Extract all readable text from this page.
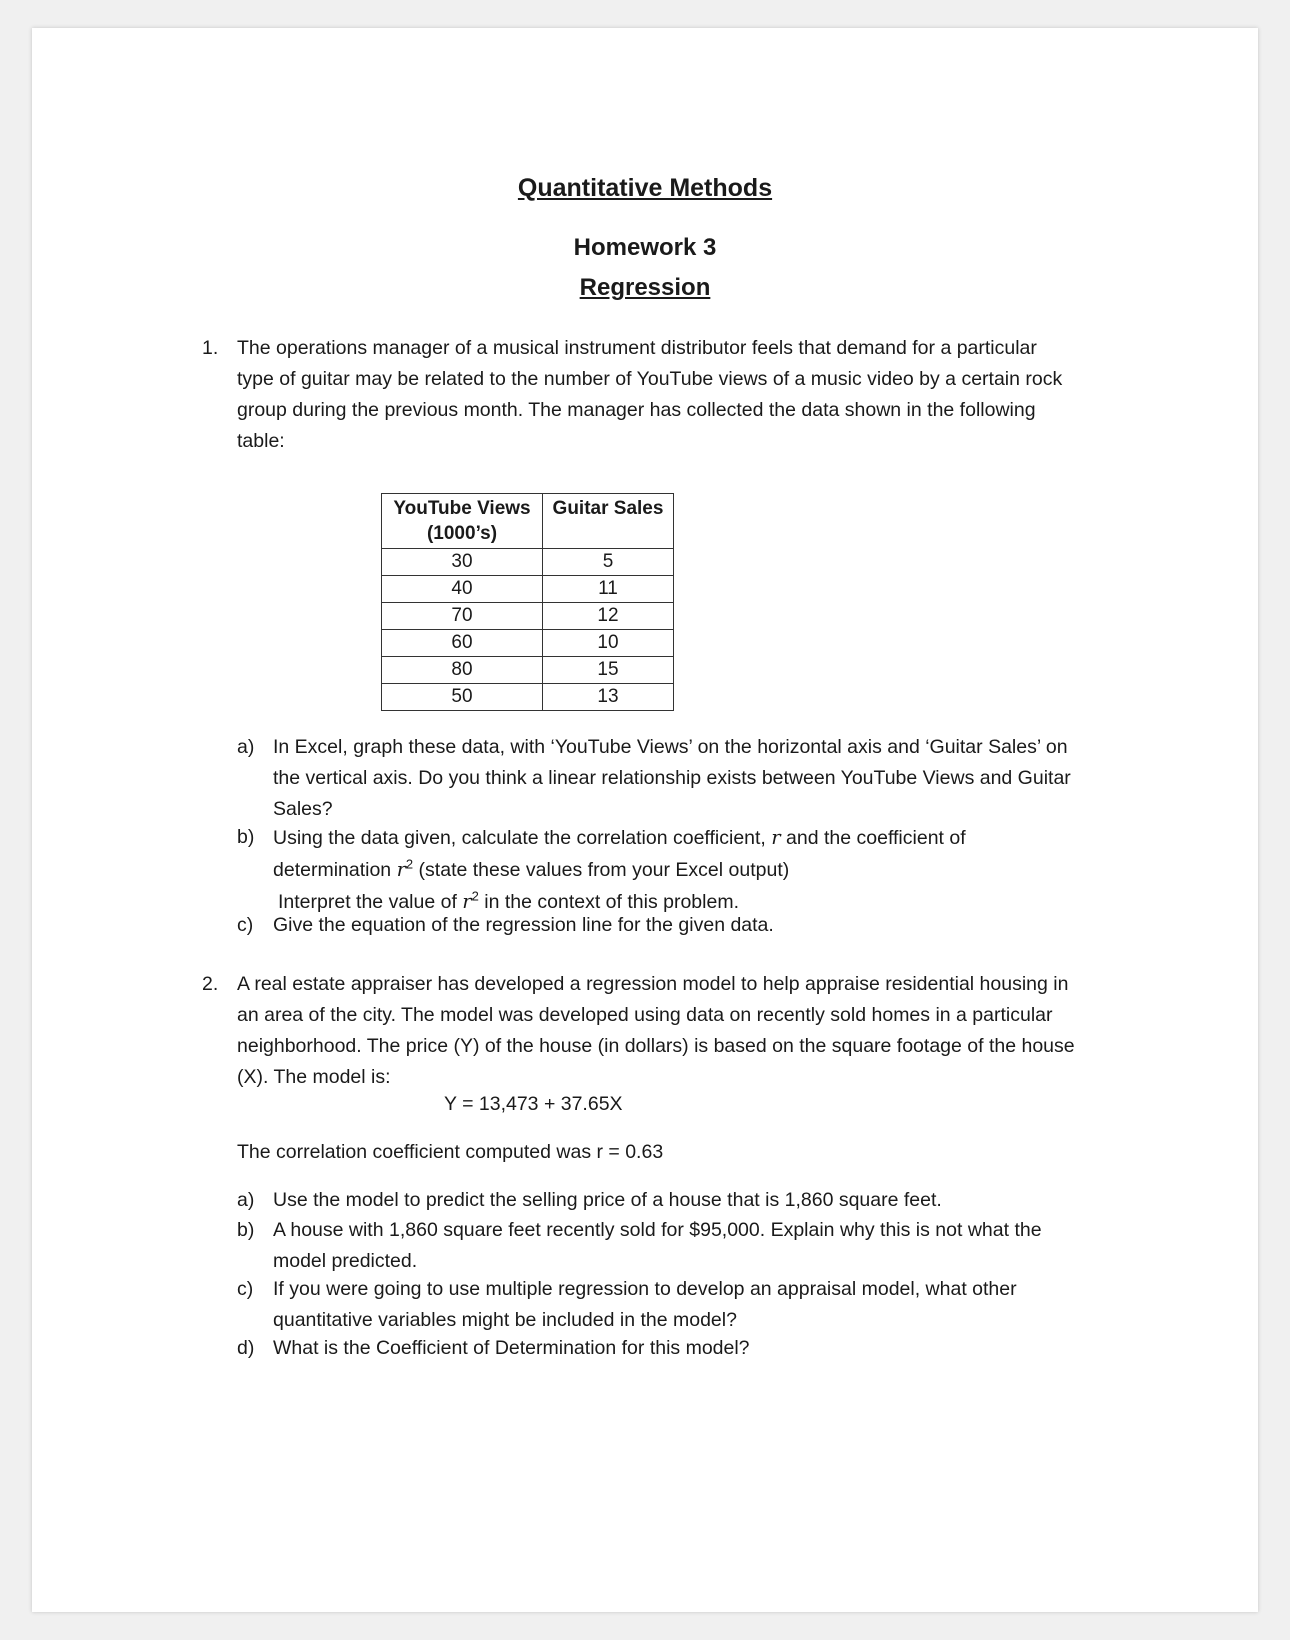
Quantitative Methods
Homework 3
Regression
1. The operations manager of a musical instrument distributor feels that demand for a particular
type of guitar may be related to the number of YouTube views of a music video by a certain rock
group during the previous month. The manager has collected the data shown in the following
table:
YouTube Views
(1000’s)	Guitar Sales
30	5
40	11
70	12
60	10
80	15
50	13
a) In Excel, graph these data, with ‘YouTube Views’ on the horizontal axis and ‘Guitar Sales’ on
the vertical axis. Do you think a linear relationship exists between YouTube Views and Guitar
Sales?
b) Using the data given, calculate the correlation coefficient, r and the coefficient of
determination $r^2$ (state these values from your Excel output)
Interpret the value of $r^2$ in the context of this problem.
c) Give the equation of the regression line for the given data.
2. A real estate appraiser has developed a regression model to help appraise residential housing in
an area of the city. The model was developed using data on recently sold homes in a particular
neighborhood. The price (Y) of the house (in dollars) is based on the square footage of the house
(X). The model is:
Y = 13,473 + 37.65X
The correlation coefficient computed was r = 0.63
a) Use the model to predict the selling price of a house that is 1,860 square feet.
b) A house with 1,860 square feet recently sold for $95,000. Explain why this is not what the
model predicted.
c) If you were going to use multiple regression to develop an appraisal model, what other
quantitative variables might be included in the model?
d) What is the Coefficient of Determination for this model?
